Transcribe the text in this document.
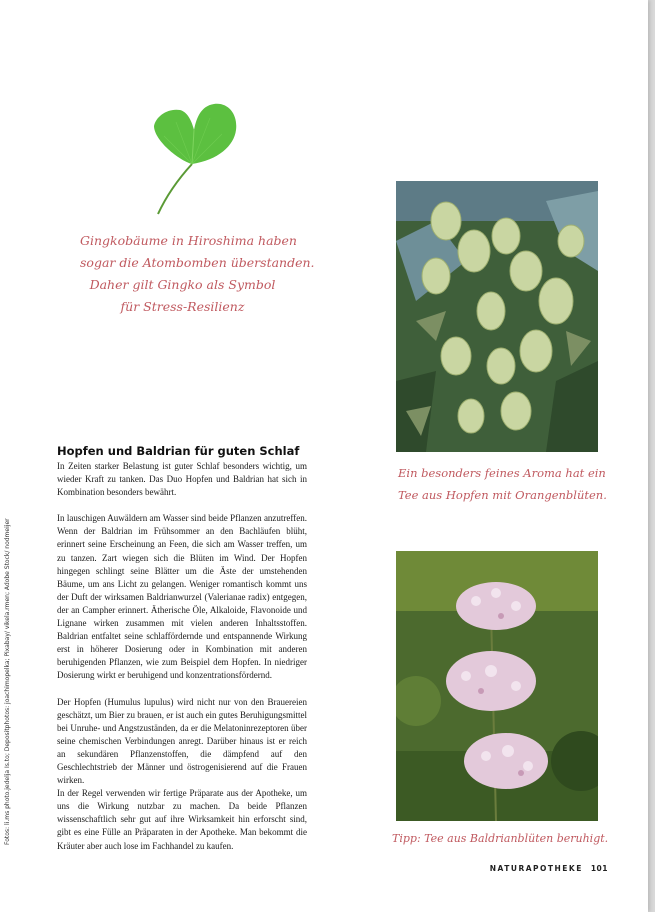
Gingkobäume in Hiroshima haben
sogar die Atombomben überstanden.
Daher gilt Gingko als Symbol
für Stress-Resilienz
Ein besonders feines Aroma hat ein
Tee aus Hopfen mit Orangenblüten.
Tipp: Tee aus Baldrianblüten beruhigt.
Hopfen und Baldrian für guten Schlaf

In Zeiten starker Belastung ist guter Schlaf besonders wichtig, um wieder Kraft zu tanken. Das Duo Hopfen und Baldrian hat sich in Kombination besonders bewährt.

In lauschigen Auwäldern am Wasser sind beide Pflanzen anzutreffen. Wenn der Baldrian im Frühsommer an den Bachläufen blüht, erinnert seine Erscheinung an Feen, die sich am Wasser treffen, um zu tanzen. Zart wiegen sich die Blüten im Wind. Der Hopfen hingegen schlingt seine Blätter um die Äste der umstehenden Bäume, um ans Licht zu gelangen. Weniger romantisch kommt uns der Duft der wirksamen Baldrianwurzel (Valerianae radix) entgegen, der an Campher erinnert. Ätherische Öle, Alkaloide, Flavonoide und Lignane wirken zusammen mit vielen anderen Inhaltsstoffen. Baldrian entfaltet seine schlaffördernde und entspannende Wirkung erst in höherer Dosierung oder in Kombination mit anderen beruhigenden Pflanzen, wie zum Beispiel dem Hopfen. In niedriger Dosierung wirkt er beruhigend und konzentrationsfördernd.

Der Hopfen (Humulus lupulus) wird nicht nur von den Brauereien geschätzt, um Bier zu brauen, er ist auch ein gutes Beruhigungsmittel bei Unruhe- und Angstzuständen, da er die Melatoninrezeptoren über seine chemischen Verbindungen anregt. Darüber hinaus ist er reich an sekundären Pflanzenstoffen, die dämpfend auf den Geschlechtstrieb der Männer und östrogenisierend auf die Frauen wirken.

In der Regel verwenden wir fertige Präparate aus der Apotheke, um uns die Wirkung nutzbar zu machen. Da beide Pflanzen wissenschaftlich sehr gut auf ihre Wirksamkeit hin erforscht sind, gibt es eine Fülle an Präparaten in der Apotheke. Man bekommt die Kräuter aber auch lose im Fachhandel zu kaufen.

Fotos: li.ms photo.jedelja Is.to; Depositphotos: joachimopelka; Pixabay/ vikela.rmen; Adobe Stock/ nodmeijer
NATURAPOTHEKE 101
